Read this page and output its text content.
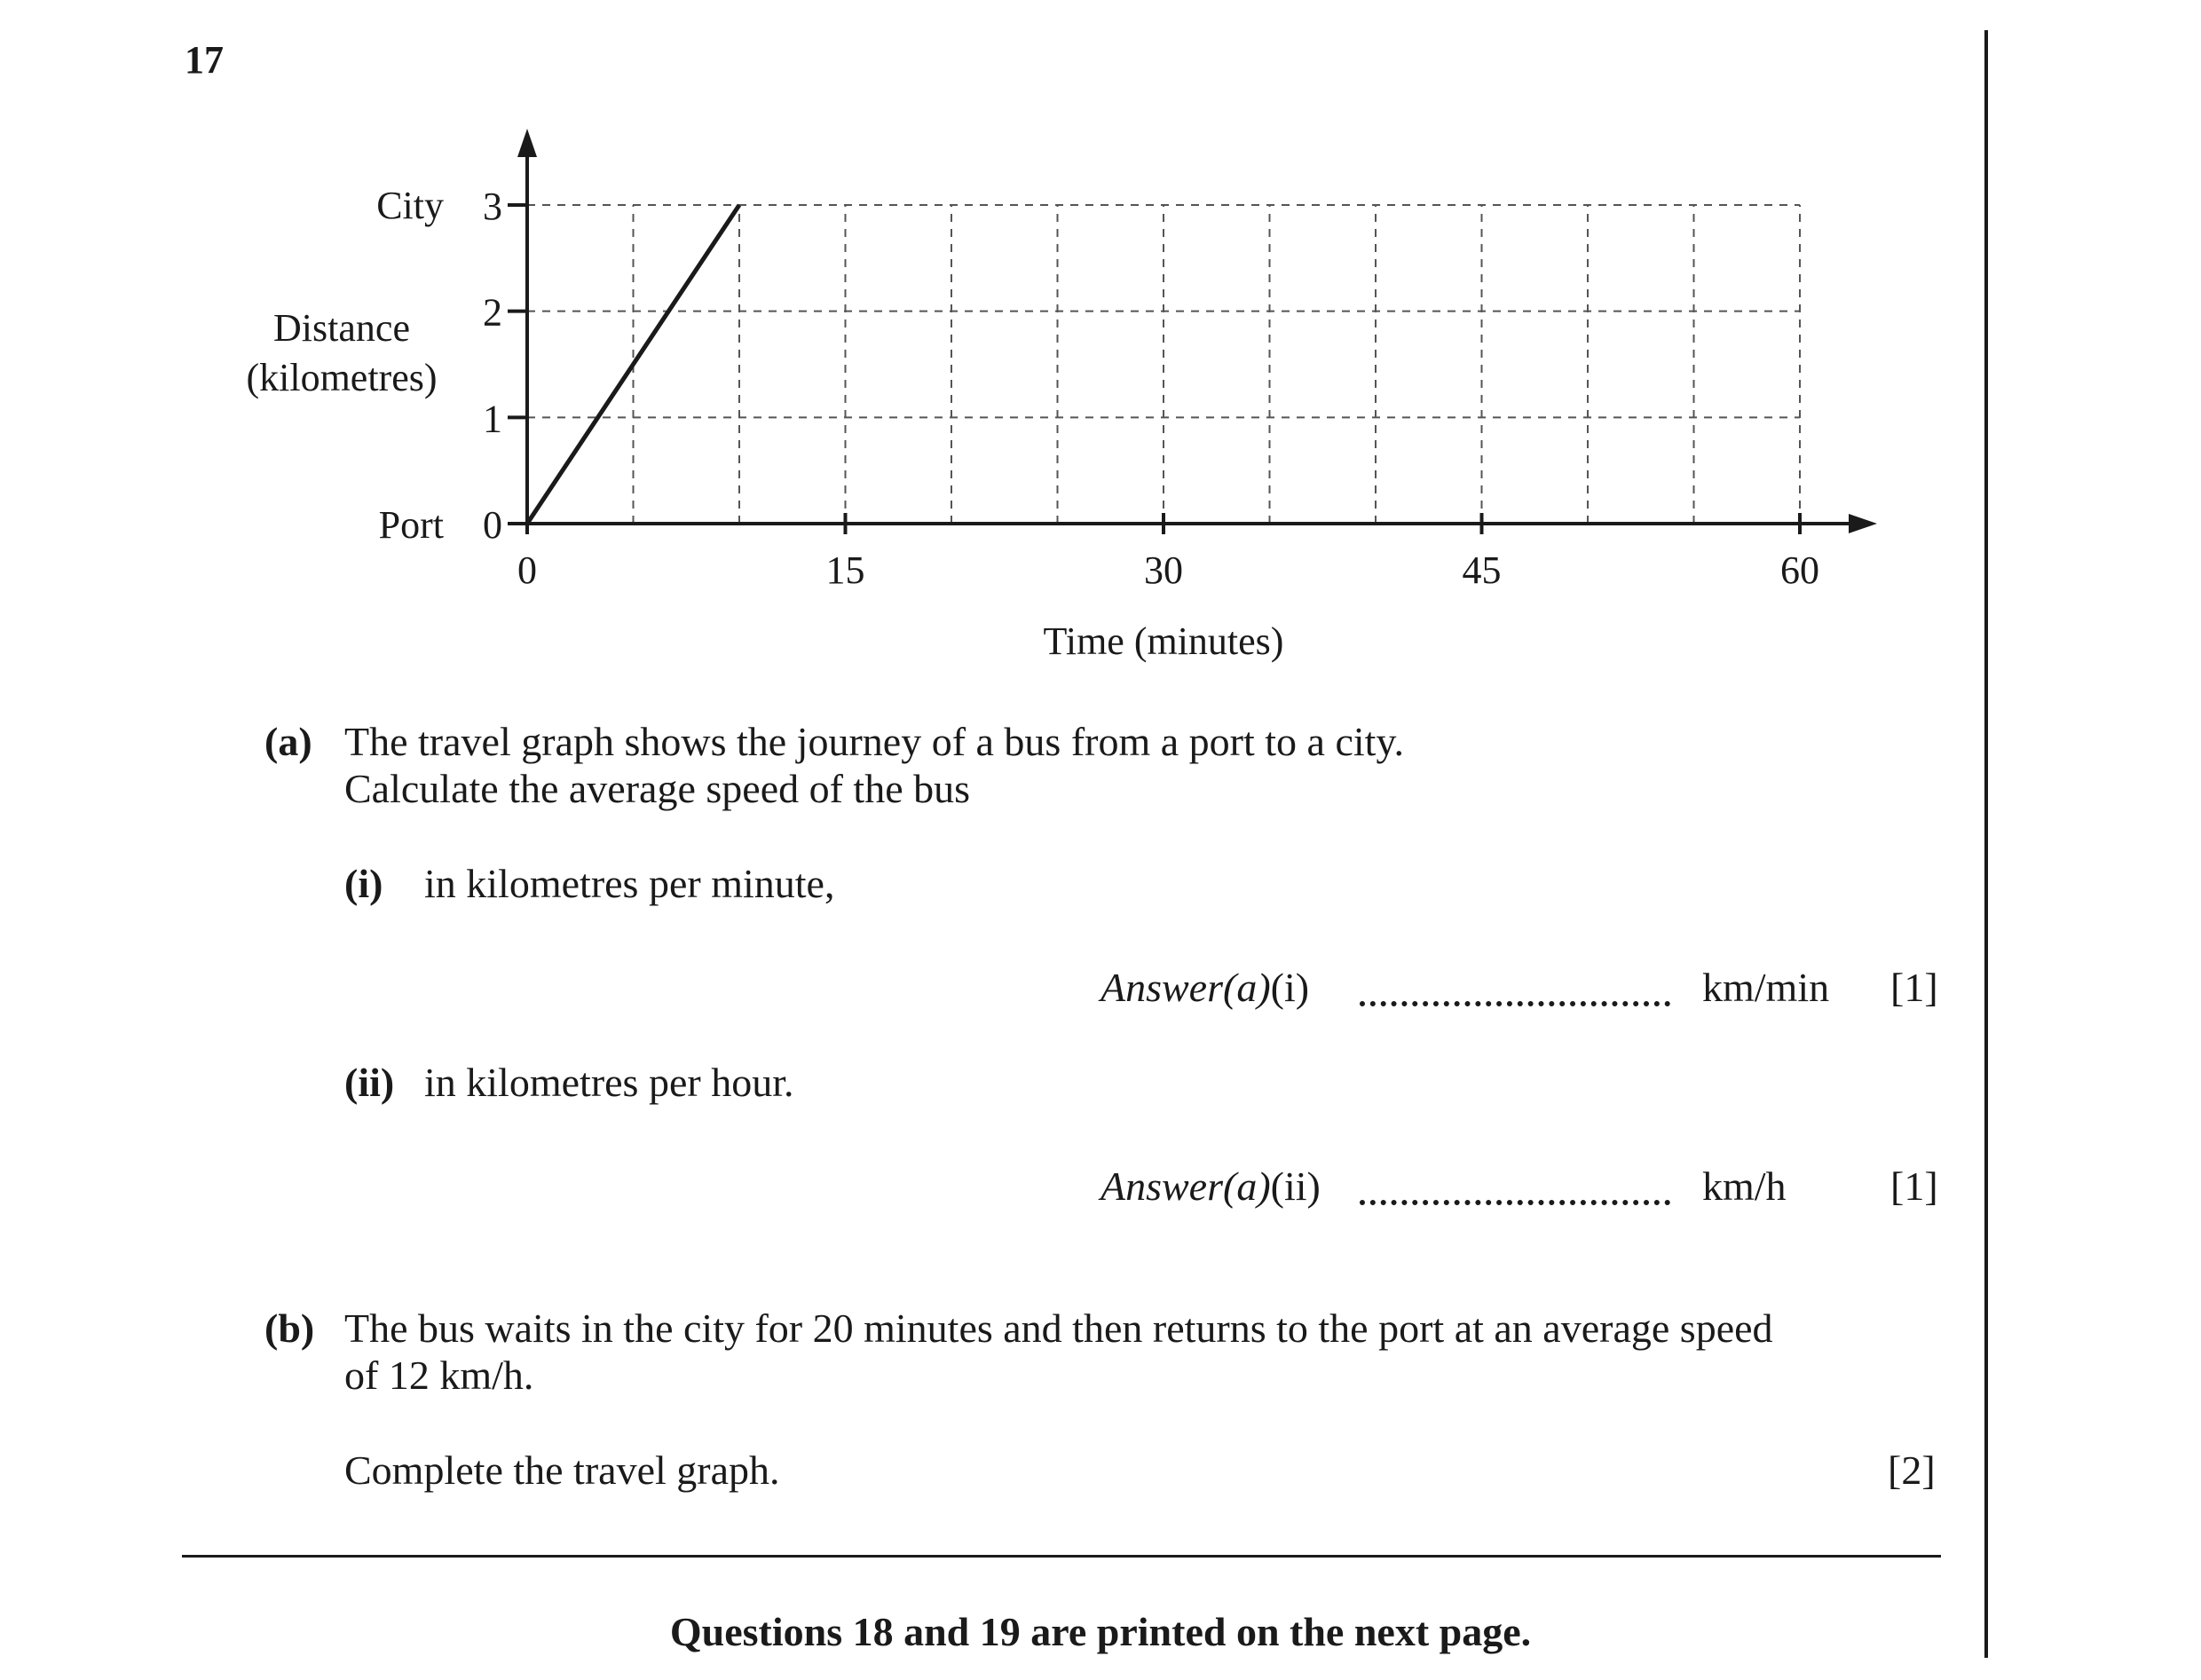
17
0	15	30	45	60
0
1
2
3
City
Port
Distance
(kilometres)
Time (minutes)
(a) The travel graph shows the journey of a bus from a port to a city.
Calculate the average speed of the bus
(i) in kilometres per minute,
Answer(a)(i)	km/min [1]
(ii) in kilometres per hour.
Answer(a)(ii)	km/h	[1]
(b) The bus waits in the city for 20 minutes and then returns to the port at an average speed
of 12 km/h.
Complete the travel graph.	[2]
Questions 18 and 19 are printed on the next page.
